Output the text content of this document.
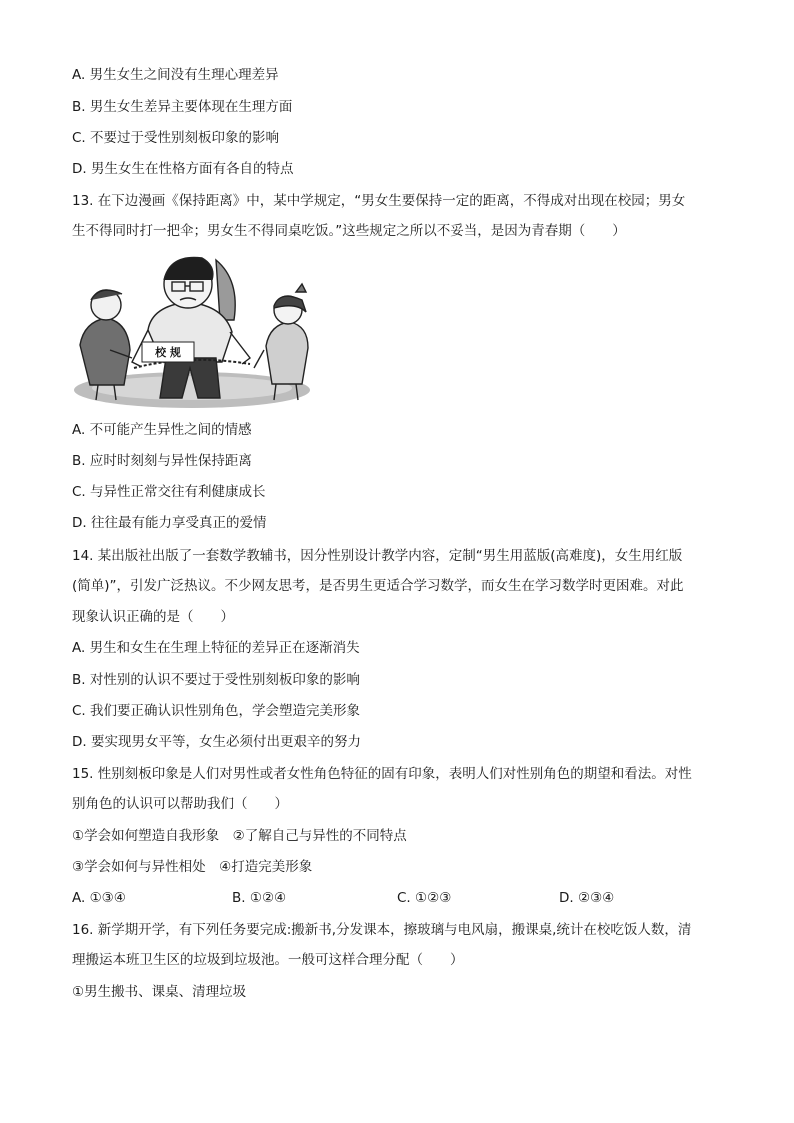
A. 男生女生之间没有生理心理差异
B. 男生女生差异主要体现在生理方面
C. 不要过于受性别刻板印象的影响
D. 男生女生在性格方面有各自的特点
13. 在下边漫画《保持距离》中，某中学规定，“男女生要保持一定的距离，不得成对出现在校园；男女
生不得同时打一把伞；男女生不得同桌吃饭。”这些规定之所以不妥当，是因为青春期（　　）
校 规
A. 不可能产生异性之间的情感
B. 应时时刻刻与异性保持距离
C. 与异性正常交往有利健康成长
D. 往往最有能力享受真正的爱情
14. 某出版社出版了一套数学教辅书，因分性别设计教学内容，定制“男生用蓝版(高难度)，女生用红版
(简单)”，引发广泛热议。不少网友思考，是否男生更适合学习数学，而女生在学习数学时更困难。对此
现象认识正确的是（　　）
A. 男生和女生在生理上特征的差异正在逐渐消失
B. 对性别的认识不要过于受性别刻板印象的影响
C. 我们要正确认识性别角色，学会塑造完美形象
D. 要实现男女平等，女生必须付出更艰辛的努力
15. 性别刻板印象是人们对男性或者女性角色特征的固有印象，表明人们对性别角色的期望和看法。对性
别角色的认识可以帮助我们（　　）
①学会如何塑造自我形象　②了解自己与异性的不同特点
③学会如何与异性相处　④打造完美形象
A. ①③④	B. ①②④	C. ①②③	D. ②③④
16. 新学期开学，有下列任务要完成:搬新书,分发课本，擦玻璃与电风扇，搬课桌,统计在校吃饭人数，清
理搬运本班卫生区的垃圾到垃圾池。一般可这样合理分配（　　）
①男生搬书、课桌、清理垃圾
